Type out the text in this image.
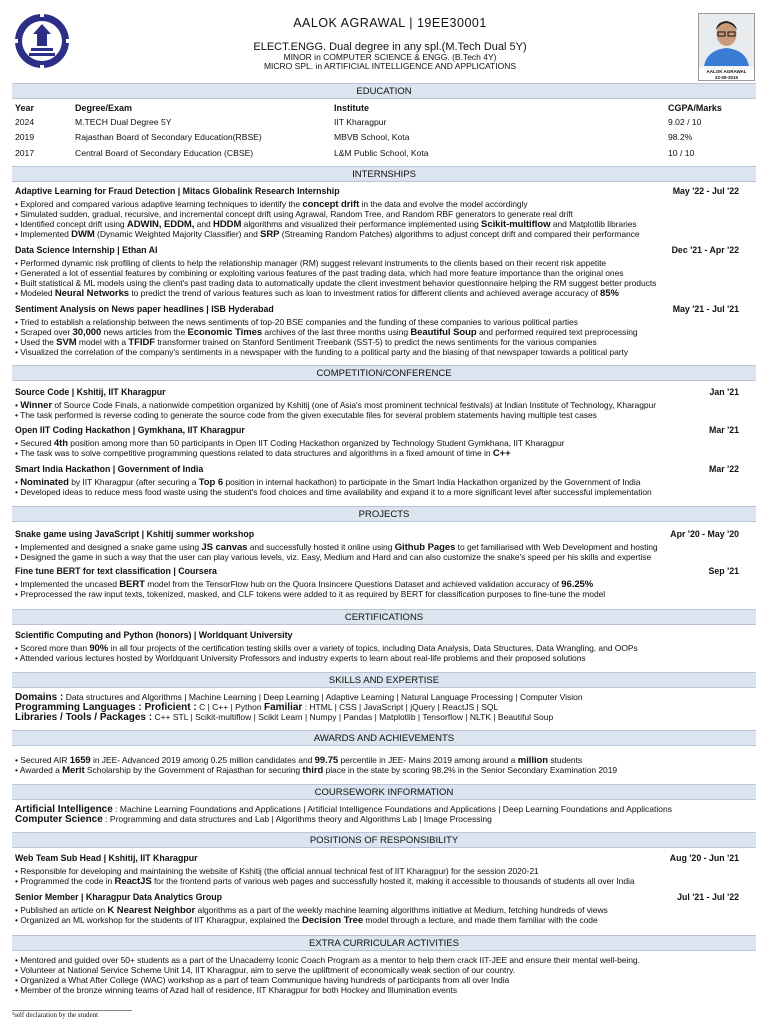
AALOK AGRAWAL
22-09-2016
AALOK AGRAWAL | 19EE30001
ELECT.ENGG. Dual degree in any spl.(M.Tech Dual 5Y)
MINOR in COMPUTER SCIENCE & ENGG. (B.Tech 4Y)
MICRO SPL. in ARTIFICIAL INTELLIGENCE AND APPLICATIONS
EDUCATION
Year	Degree/Exam	Institute	CGPA/Marks
2024	M.TECH Dual Degree 5Y	IIT Kharagpur	9.02 / 10
2019	Rajasthan Board of Secondary Education(RBSE)	MBVB School, Kota	98.2%
2017	Central Board of Secondary Education (CBSE)	L&M Public School, Kota	10 / 10
INTERNSHIPS
Adaptive Learning for Fraud Detection | Mitacs Globalink Research Internship	May '22 - Jul '22
• Explored and compared various adaptive learning techniques to identify the concept drift in the data and evolve the model accordingly
• Simulated sudden, gradual, recursive, and incremental concept drift using Agrawal, Random Tree, and Random RBF generators to generate real drift
• Identified concept drift using ADWIN, EDDM, and HDDM algorithms and visualized their performance implemented using Scikit-multiflow and Matplotlib libraries
• Implemented DWM (Dynamic Weighted Majority Classifier) and SRP (Streaming Random Patches) algorithms to adjust concept drift and compared their performance
Data Science Internship | Ethan AI	Dec '21 - Apr '22
• Performed dynamic risk profiling of clients to help the relationship manager (RM) suggest relevant instruments to the clients based on their recent risk appetite
• Generated a lot of essential features by combining or exploiting various features of the past trading data, which had more feature importance than the original ones
• Built statistical & ML models using the client's past trading data to automatically update the client investment behavior questionnaire helping the RM suggest better products
• Modeled Neural Networks to predict the trend of various features such as loan to investment ratios for different clients and achieved average accuracy of 85%
Sentiment Analysis on News paper headlines | ISB Hyderabad	May '21 - Jul '21
• Tried to establish a relationship between the news sentiments of top-20 BSE companies and the funding of these companies to various political parties
• Scraped over 30,000 news articles from the Economic Times archives of the last three months using Beautiful Soup and performed required text preprocessing
• Used the SVM model with a TFIDF transformer trained on Stanford Sentiment Treebank (SST-5) to predict the news sentiments for the various companies
• Visualized the correlation of the company's sentiments in a newspaper with the funding to a political party and the biasing of that newspaper towards a political party
COMPETITION/CONFERENCE
Source Code | Kshitij, IIT Kharagpur	Jan '21
• Winner of Source Code Finals, a nationwide competition organized by Kshitij (one of Asia's most prominent technical festivals) at Indian Institute of Technology, Kharagpur
• The task performed is reverse coding to generate the source code from the given executable files for several problem statements having multiple test cases
Open IIT Coding Hackathon | Gymkhana, IIT Kharagpur	Mar '21
• Secured 4th position among more than 50 participants in Open IIT Coding Hackathon organized by Technology Student Gymkhana, IIT Kharagpur
• The task was to solve competitive programming questions related to data structures and algorithms in a fixed amount of time in C++
Smart India Hackathon | Government of India	Mar '22
• Nominated by IIT Kharagpur (after securing a Top 6 position in internal hackathon) to participate in the Smart India Hackathon organized by the Government of India
• Developed ideas to reduce mess food waste using the student's food choices and time availability and expand it to a more significant level after successful implementation
PROJECTS
Snake game using JavaScript | Kshitij summer workshop	Apr '20 - May '20
• Implemented and designed a snake game using JS canvas and successfully hosted it online using Github Pages to get familiarised with Web Development and hosting
• Designed the game in such a way that the user can play various levels, viz. Easy, Medium and Hard and can also customize the snake's speed per his skills and expertise
Fine tune BERT for text classification | Coursera	Sep '21
• Implemented the uncased BERT model from the TensorFlow hub on the Quora Insincere Questions Dataset and achieved validation accuracy of 96.25%
• Preprocessed the raw input texts, tokenized, masked, and CLF tokens were added to it as required by BERT for classification purposes to fine-tune the model
CERTIFICATIONS
Scientific Computing and Python (honors) | Worldquant University
• Scored more than 90% in all four projects of the certification testing skills over a variety of topics, including Data Analysis, Data Structures, Data Wrangling, and OOPs
• Attended various lectures hosted by Worldquant University Professors and industry experts to learn about real-life problems and their proposed solutions
SKILLS AND EXPERTISE
Domains : Data structures and Algorithms | Machine Learning | Deep Learning | Adaptive Learning | Natural Language Processing | Computer Vision
Programming Languages : Proficient : C | C++ | Python Familiar : HTML | CSS | JavaScript | jQuery | ReactJS | SQL
Libraries / Tools / Packages : C++ STL | Scikit-multiflow | Scikit Learn | Numpy | Pandas | Matplotlib | Tensorflow | NLTK | Beautiful Soup
AWARDS AND ACHIEVEMENTS
• Secured AIR 1659 in JEE- Advanced 2019 among 0.25 million candidates and 99.75 percentile in JEE- Mains 2019 among around a million students
• Awarded a Merit Scholarship by the Government of Rajasthan for securing third place in the state by scoring 98.2% in the Senior Secondary Examination 2019
COURSEWORK INFORMATION
Artificial Intelligence : Machine Learning Foundations and Applications | Artificial Intelligence Foundations and Applications | Deep Learning Foundations and Applications
Computer Science : Programming and data structures and Lab | Algorithms theory and Algorithms Lab | Image Processing
POSITIONS OF RESPONSIBILITY
Web Team Sub Head | Kshitij, IIT Kharagpur	Aug '20 - Jun '21
• Responsible for developing and maintaining the website of Kshitij (the official annual technical fest of IIT Kharagpur) for the session 2020-21
• Programmed the code in ReactJS for the frontend parts of various web pages and successfully hosted it, making it accessible to thousands of students all over India
Senior Member | Kharagpur Data Analytics Group	Jul '21 - Jul '22
• Published an article on K Nearest Neighbor algorithms as a part of the weekly machine learning algorithms initiative at Medium, fetching hundreds of views
• Organized an ML workshop for the students of IIT Kharagpur, explained the Decision Tree model through a lecture, and made them familiar with the code
EXTRA CURRICULAR ACTIVITIES
• Mentored and guided over 50+ students as a part of the Unacademy Iconic Coach Program as a mentor to help them crack IIT-JEE and ensure their mental well-being.
• Volunteer at National Service Scheme Unit 14, IIT Kharagpur, aim to serve the upliftment of economically weak section of our country.
• Organized a What After College (WAC) workshop as a part of team Communique having hundreds of participants from all over India
• Member of the bronze winning teams of Azad hall of residence, IIT Kharagpur for both Hockey and Illumination events
¹self declaration by the student
